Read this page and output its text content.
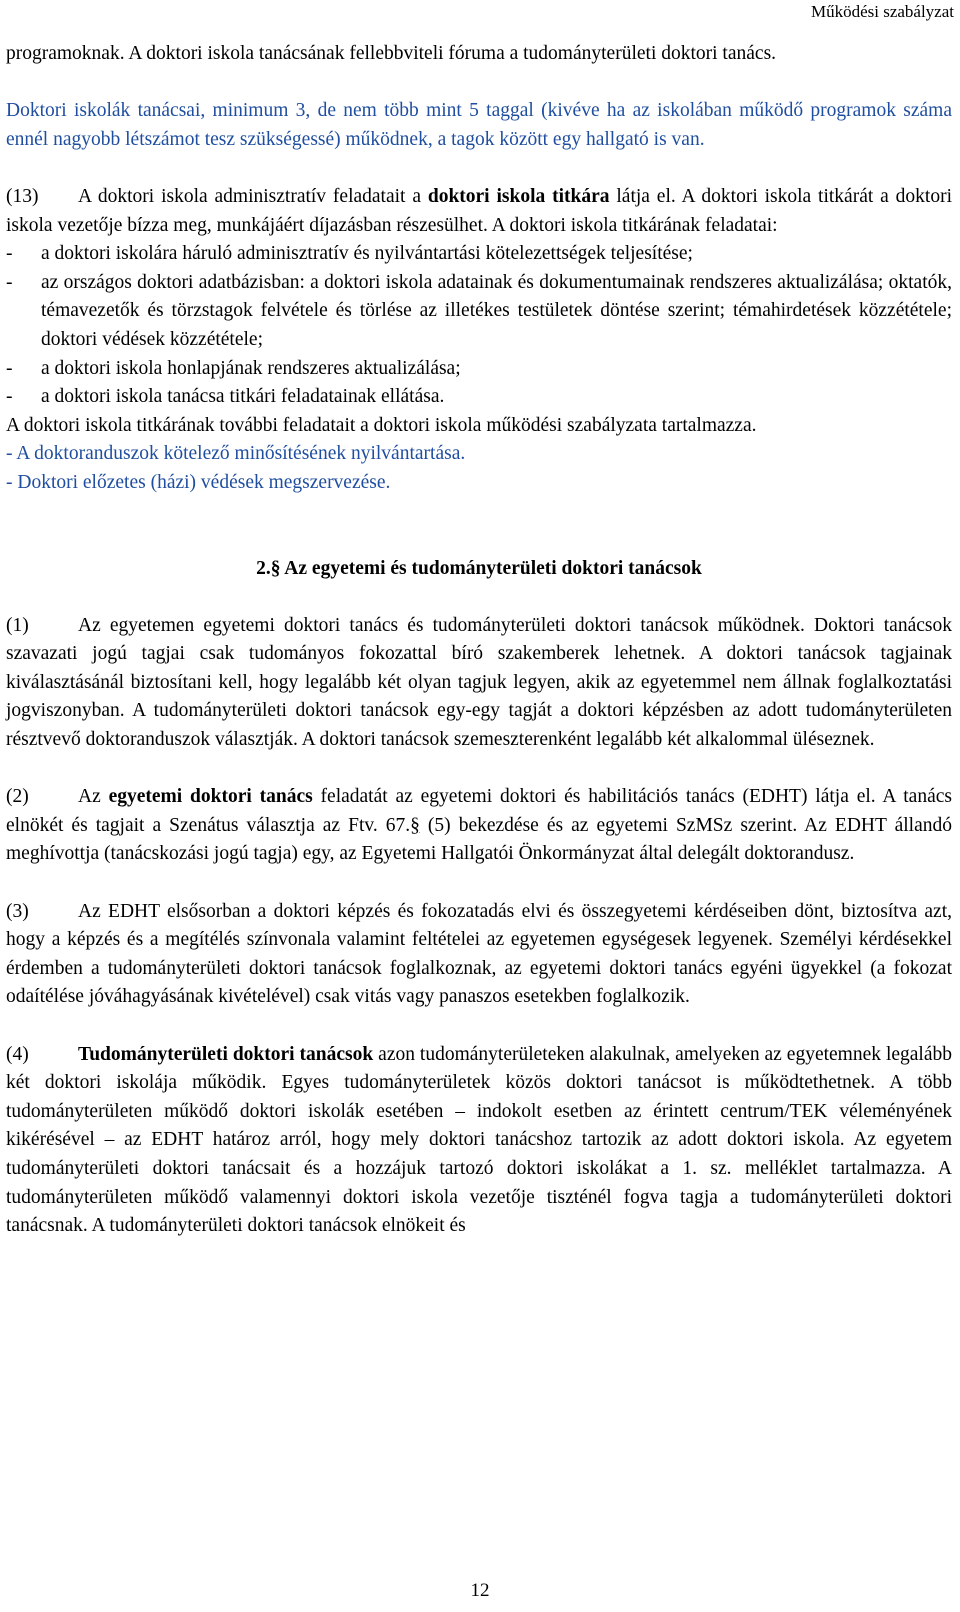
Működési szabályzat

programoknak. A doktori iskola tanácsának fellebbviteli fóruma a tudományterületi doktori tanács.

Doktori iskolák tanácsai, minimum 3, de nem több mint 5 taggal (kivéve ha az iskolában működő programok száma ennél nagyobb létszámot tesz szükségessé) működnek, a tagok között egy hallgató is van.

(13) A doktori iskola adminisztratív feladatait a doktori iskola titkára látja el. A doktori iskola titkárát a doktori iskola vezetője bízza meg, munkájáért díjazásban részesülhet. A doktori iskola titkárának feladatai:

-	a doktori iskolára háruló adminisztratív és nyilvántartási kötelezettségek teljesítése;
-	az országos doktori adatbázisban: a doktori iskola adatainak és dokumentumainak rendszeres aktualizálása; oktatók, témavezetők és törzstagok felvétele és törlése az illetékes testületek döntése szerint; témahirdetések közzététele; doktori védések közzététele;
-	a doktori iskola honlapjának rendszeres aktualizálása;
-	a doktori iskola tanácsa titkári feladatainak ellátása.

A doktori iskola titkárának további feladatait a doktori iskola működési szabályzata tartalmazza.

- A doktoranduszok kötelező minősítésének nyilvántartása.

- Doktori előzetes (házi) védések megszervezése.

2.§ Az egyetemi és tudományterületi doktori tanácsok

(1)	Az egyetemen egyetemi doktori tanács és tudományterületi doktori tanácsok működnek. Doktori tanácsok szavazati jogú tagjai csak tudományos fokozattal bíró szakemberek lehetnek. A doktori tanácsok tagjainak kiválasztásánál biztosítani kell, hogy legalább két olyan tagjuk legyen, akik az egyetemmel nem állnak foglalkoztatási jogviszonyban. A tudományterületi doktori tanácsok egy-egy tagját a doktori képzésben az adott tudományterületen résztvevő doktoranduszok választják. A doktori tanácsok szemeszterenként legalább két alkalommal üléseznek.

(2)	Az egyetemi doktori tanács feladatát az egyetemi doktori és habilitációs tanács (EDHT) látja el. A tanács elnökét és tagjait a Szenátus választja az Ftv. 67.§ (5) bekezdése és az egyetemi SzMSz szerint. Az EDHT állandó meghívottja (tanácskozási jogú tagja) egy, az Egyetemi Hallgatói Önkormányzat által delegált doktorandusz.

(3)	Az EDHT elsősorban a doktori képzés és fokozatadás elvi és összegyetemi kérdéseiben dönt, biztosítva azt, hogy a képzés és a megítélés színvonala valamint feltételei az egyetemen egységesek legyenek. Személyi kérdésekkel érdemben a tudományterületi doktori tanácsok foglalkoznak, az egyetemi doktori tanács egyéni ügyekkel (a fokozat odaítélése jóváhagyásának kivételével) csak vitás vagy panaszos esetekben foglalkozik.

(4)	Tudományterületi doktori tanácsok azon tudományterületeken alakulnak, amelyeken az egyetemnek legalább két doktori iskolája működik. Egyes tudományterületek közös doktori tanácsot is működtethetnek. A több tudományterületen működő doktori iskolák esetében – indokolt esetben az érintett centrum/TEK véleményének kikérésével – az EDHT határoz arról, hogy mely doktori tanácshoz tartozik az adott doktori iskola. Az egyetem tudományterületi doktori tanácsait és a hozzájuk tartozó doktori iskolákat a 1. sz. melléklet tartalmazza. A tudományterületen működő valamennyi doktori iskola vezetője tiszténél fogva tagja a tudományterületi doktori tanácsnak. A tudományterületi doktori tanácsok elnökeit és

12
